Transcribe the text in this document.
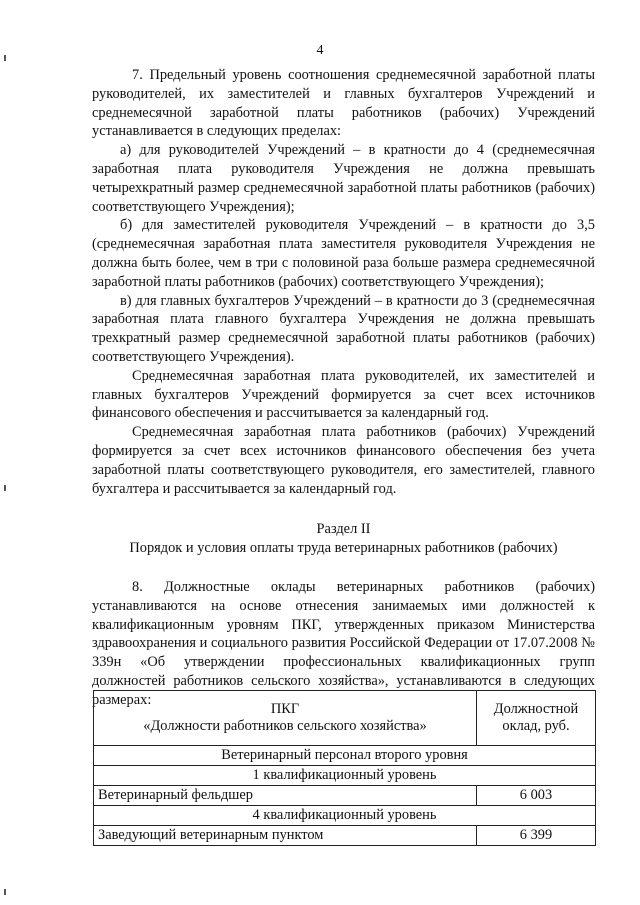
4

7. Предельный уровень соотношения среднемесячной заработной платы руководителей, их заместителей и главных бухгалтеров Учреждений и среднемесячной заработной платы работников (рабочих) Учреждений устанавливается в следующих пределах:

а) для руководителей Учреждений – в кратности до 4 (среднемесячная заработная плата руководителя Учреждения не должна превышать четырехкратный размер среднемесячной заработной платы работников (рабочих) соответствующего Учреждения);

б) для заместителей руководителя Учреждений – в кратности до 3,5 (среднемесячная заработная плата заместителя руководителя Учреждения не должна быть более, чем в три с половиной раза больше размера среднемесячной заработной платы работников (рабочих) соответствующего Учреждения);

в) для главных бухгалтеров Учреждений – в кратности до 3 (среднемесячная заработная плата главного бухгалтера Учреждения не должна превышать трехкратный размер среднемесячной заработной платы работников (рабочих) соответствующего Учреждения).

Среднемесячная заработная плата руководителей, их заместителей и главных бухгалтеров Учреждений формируется за счет всех источников финансового обеспечения и рассчитывается за календарный год.

Среднемесячная заработная плата работников (рабочих) Учреждений формируется за счет всех источников финансового обеспечения без учета заработной платы соответствующего руководителя, его заместителей, главного бухгалтера и рассчитывается за календарный год.

Раздел II

Порядок и условия оплаты труда ветеринарных работников (рабочих)

8. Должностные оклады ветеринарных работников (рабочих) устанавливаются на основе отнесения занимаемых ими должностей к квалификационным уровням ПКГ, утвержденных приказом Министерства здравоохранения и социального развития Российской Федерации от 17.07.2008 № 339н «Об утверждении профессиональных квалификационных групп должностей работников сельского хозяйства», устанавливаются в следующих размерах:

ПКГ
«Должности работников сельского хозяйства»	Должностной оклад, руб.
Ветеринарный персонал второго уровня	
1 квалификационный уровень	
Ветеринарный фельдшер	6 003
4 квалификационный уровень	
Заведующий ветеринарным пунктом	6 399
